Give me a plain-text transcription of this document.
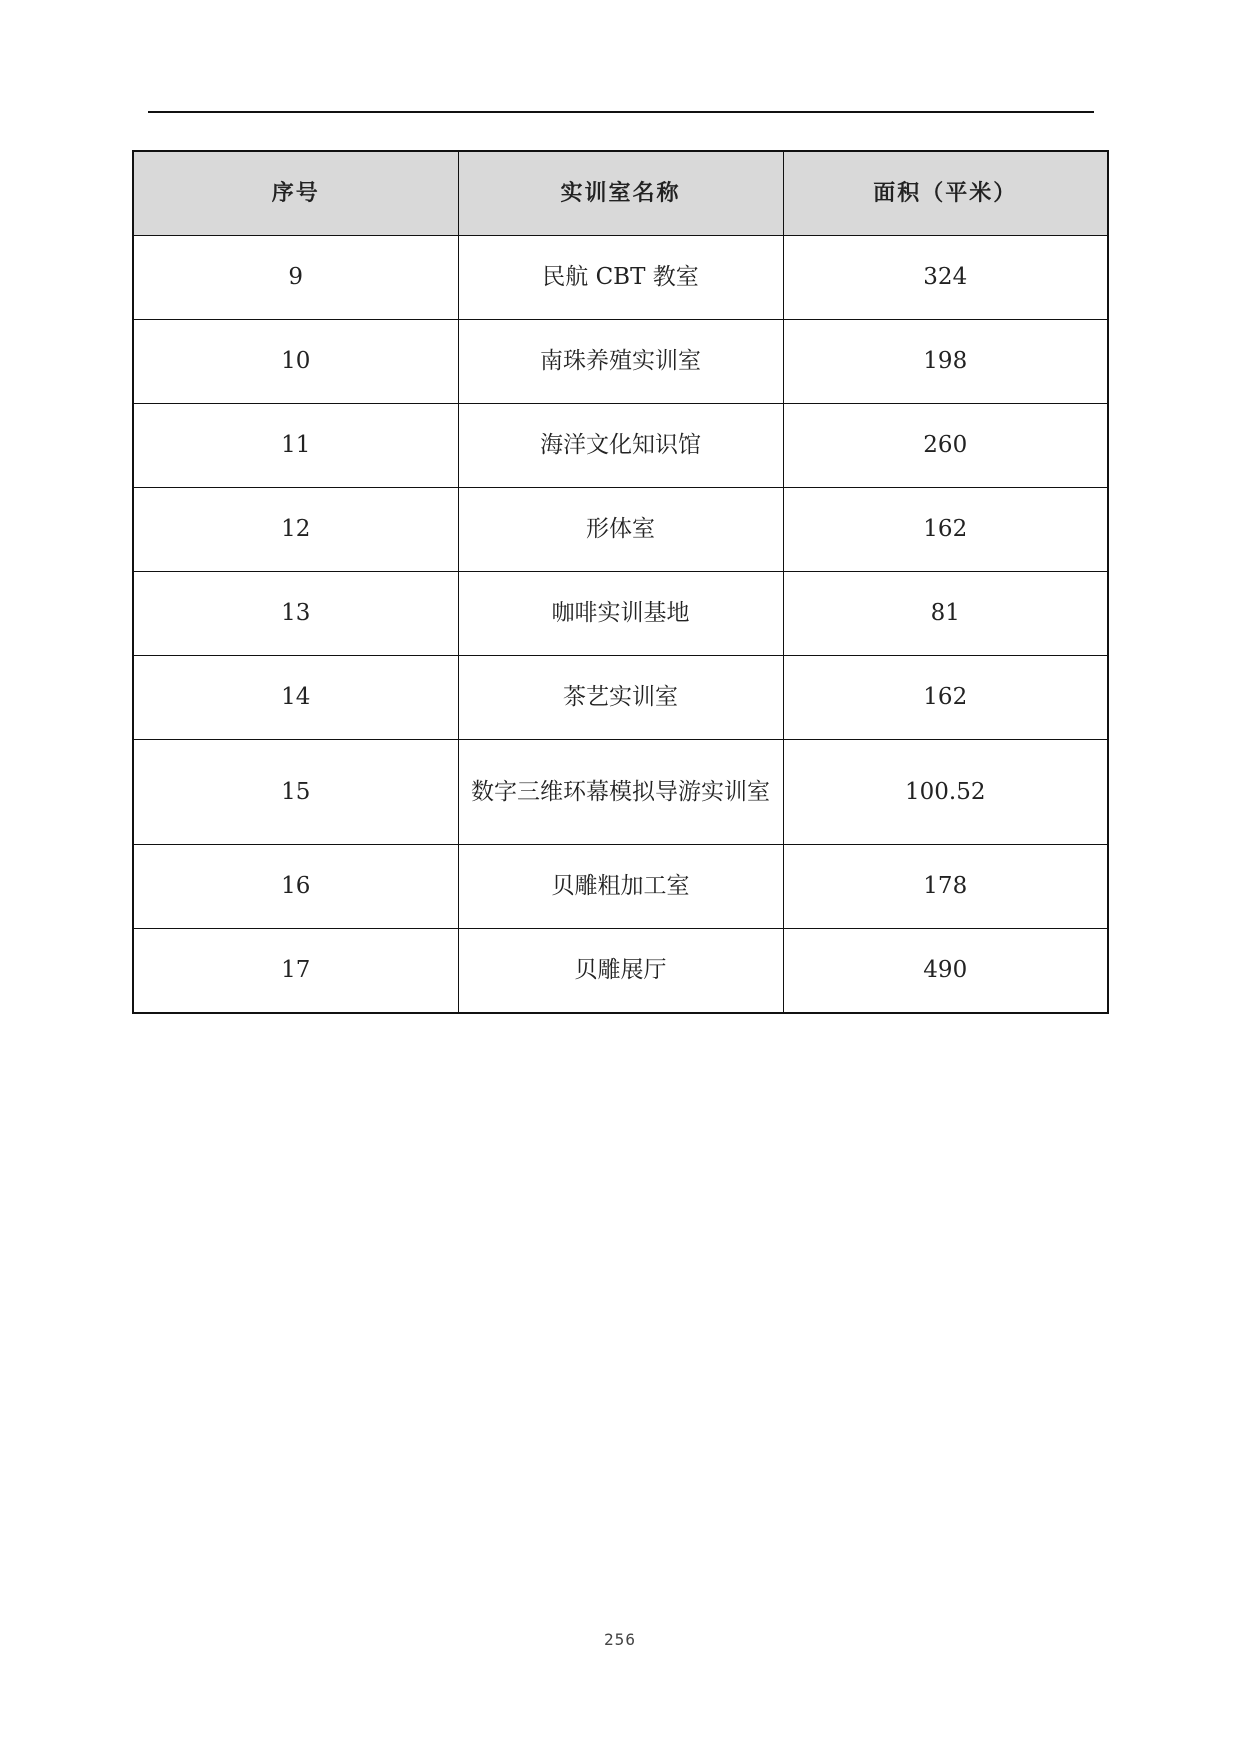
序号	实训室名称	面积（平米）
9	民航 CBT 教室	324
10	南珠养殖实训室	198
11	海洋文化知识馆	260
12	形体室	162
13	咖啡实训基地	81
14	茶艺实训室	162
15	数字三维环幕模拟导游实训室	100.52
16	贝雕粗加工室	178
17	贝雕展厅	490
256
